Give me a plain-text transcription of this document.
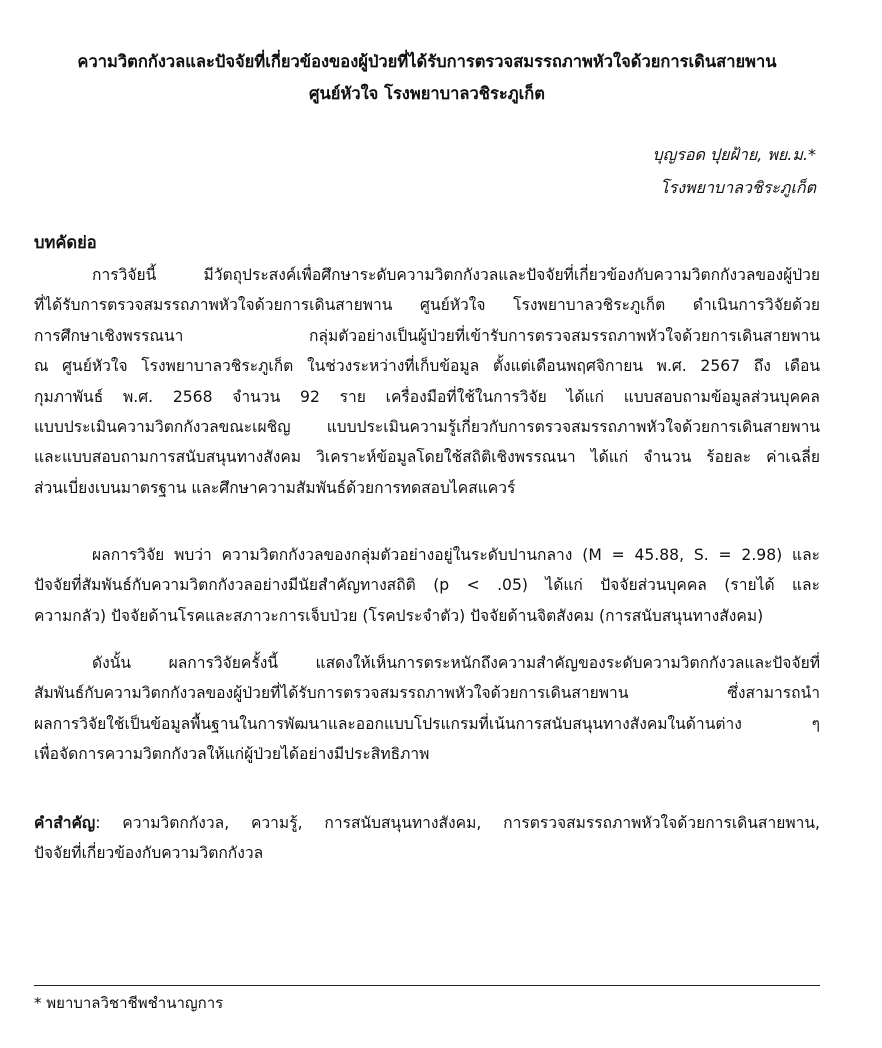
ความวิตกกังวลและปัจจัยที่เกี่ยวข้องของผู้ป่วยที่ได้รับการตรวจสมรรถภาพหัวใจด้วยการเดินสายพาน
ศูนย์หัวใจ โรงพยาบาลวชิระภูเก็ต
บุญรอด ปุยฝ้าย, พย.ม.*
โรงพยาบาลวชิระภูเก็ต
บทคัดย่อ
การวิจัยนี้ มีวัตถุประสงค์เพื่อศึกษาระดับความวิตกกังวลและปัจจัยที่เกี่ยวข้องกับความวิตกกังวลของผู้ป่วย
ที่ได้รับการตรวจสมรรถภาพหัวใจด้วยการเดินสายพาน ศูนย์หัวใจ โรงพยาบาลวชิระภูเก็ต ดำเนินการวิจัยด้วย
การศึกษาเชิงพรรณนา กลุ่มตัวอย่างเป็นผู้ป่วยที่เข้ารับการตรวจสมรรถภาพหัวใจด้วยการเดินสายพาน
ณ ศูนย์หัวใจ โรงพยาบาลวชิระภูเก็ต ในช่วงระหว่างที่เก็บข้อมูล ตั้งแต่เดือนพฤศจิกายน พ.ศ. 2567 ถึง เดือน
กุมภาพันธ์ พ.ศ. 2568 จำนวน 92 ราย เครื่องมือที่ใช้ในการวิจัย ได้แก่ แบบสอบถามข้อมูลส่วนบุคคล
แบบประเมินความวิตกกังวลขณะเผชิญ แบบประเมินความรู้เกี่ยวกับการตรวจสมรรถภาพหัวใจด้วยการเดินสายพาน
และแบบสอบถามการสนับสนุนทางสังคม วิเคราะห์ข้อมูลโดยใช้สถิติเชิงพรรณนา ได้แก่ จำนวน ร้อยละ ค่าเฉลี่ย
ส่วนเบี่ยงเบนมาตรฐาน และศึกษาความสัมพันธ์ด้วยการทดสอบไคสแควร์
ผลการวิจัย พบว่า ความวิตกกังวลของกลุ่มตัวอย่างอยู่ในระดับปานกลาง (M = 45.88, S. = 2.98) และ
ปัจจัยที่สัมพันธ์กับความวิตกกังวลอย่างมีนัยสำคัญทางสถิติ (p < .05) ได้แก่ ปัจจัยส่วนบุคคล (รายได้ และ
ความกลัว) ปัจจัยด้านโรคและสภาวะการเจ็บป่วย (โรคประจำตัว) ปัจจัยด้านจิตสังคม (การสนับสนุนทางสังคม)
ดังนั้น ผลการวิจัยครั้งนี้ แสดงให้เห็นการตระหนักถึงความสำคัญของระดับความวิตกกังวลและปัจจัยที่
สัมพันธ์กับความวิตกกังวลของผู้ป่วยที่ได้รับการตรวจสมรรถภาพหัวใจด้วยการเดินสายพาน ซึ่งสามารถนำ
ผลการวิจัยใช้เป็นข้อมูลพื้นฐานในการพัฒนาและออกแบบโปรแกรมที่เน้นการสนับสนุนทางสังคมในด้านต่าง ๆ
เพื่อจัดการความวิตกกังวลให้แก่ผู้ป่วยได้อย่างมีประสิทธิภาพ
คำสำคัญ: ความวิตกกังวล, ความรู้, การสนับสนุนทางสังคม, การตรวจสมรรถภาพหัวใจด้วยการเดินสายพาน,
ปัจจัยที่เกี่ยวข้องกับความวิตกกังวล
* พยาบาลวิชาชีพชำนาญการ
